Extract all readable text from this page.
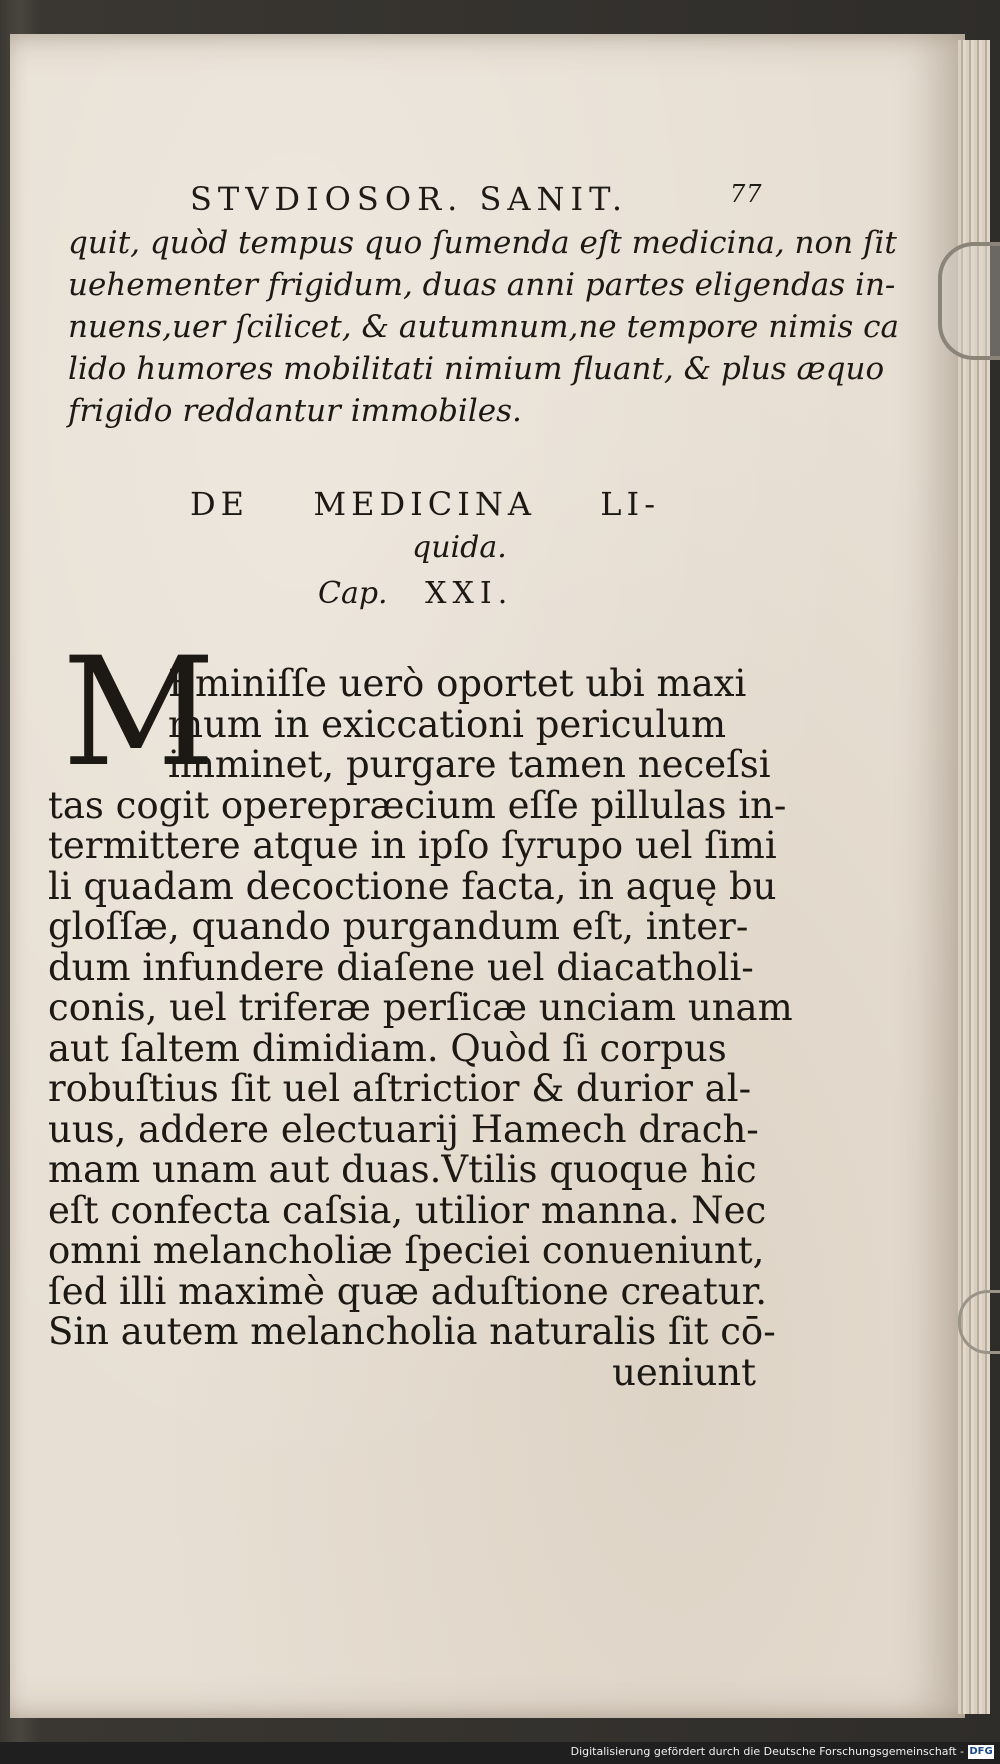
STVDIOSOR. SANIT.	77
quit, quòd tempus quo ſumenda eſt medicina, non ſit
uehementer frigidum, duas anni partes eligendas in-
nuens,uer ſcilicet, & autumnum,ne tempore nimis ca
lido humores mobilitati nimium fluant, & plus æquo
frigido reddantur immobiles.
DE MEDICINA LI-
quida.
Cap. XXI.
M
Eminiſſe uerò oportet ubi maxi
mum in exiccationi periculum
imminet, purgare tamen neceſsi
tas cogit operepræcium eſſe pillulas in-
termittere atque in ipſo ſyrupo uel ſimi
li quadam decoctione facta, in aquę bu
gloſſæ, quando purgandum eſt, inter-
dum infundere diaſene uel diacatholi-
conis, uel triferæ perſicæ unciam unam
aut ſaltem dimidiam. Quòd ſi corpus
robuſtius ſit uel aſtrictior & durior al-
uus, addere electuarij Hamech drach-
mam unam aut duas.Vtilis quoque hic
eſt confecta caſsia, utilior manna. Nec
omni melancholiæ ſpeciei conueniunt,
ſed illi maximè quæ aduſtione creatur.
Sin autem melancholia naturalis ſit cō-
ueniunt
Digitalisierung gefördert durch die Deutsche Forschungsgemeinschaft - DFG
